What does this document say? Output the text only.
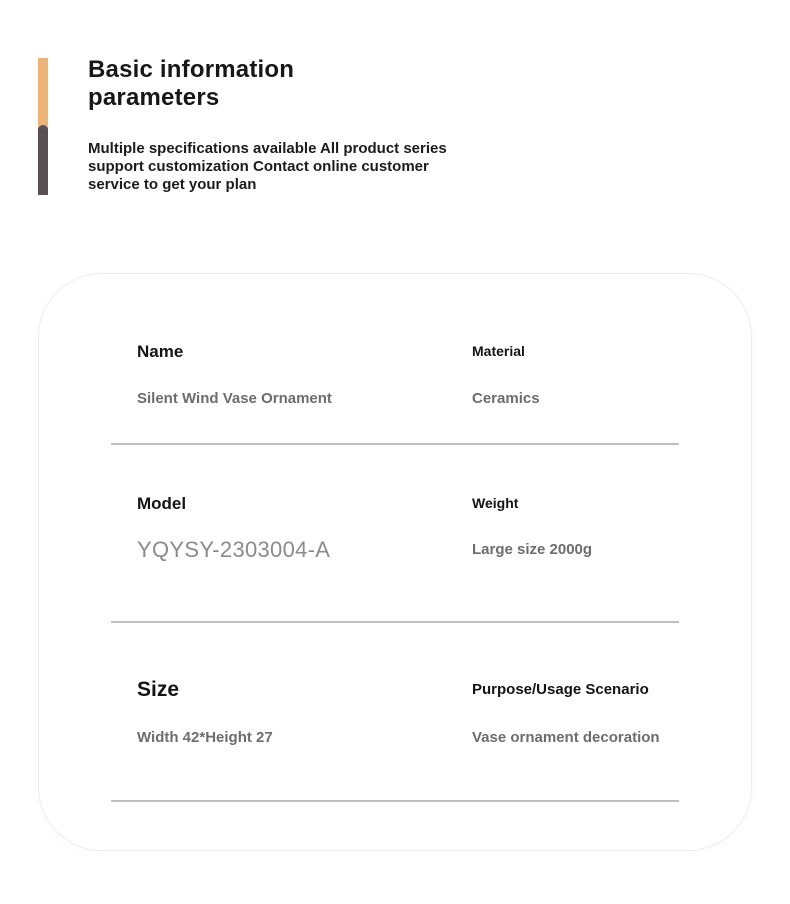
Basic information parameters

Multiple specifications available All product series support customization Contact online customer service to get your plan

Name
Silent Wind Vase Ornament
Material
Ceramics
Model
YQYSY-2303004-A
Weight
Large size 2000g
Size
Width 42*Height 27
Purpose/Usage Scenario
Vase ornament decoration
